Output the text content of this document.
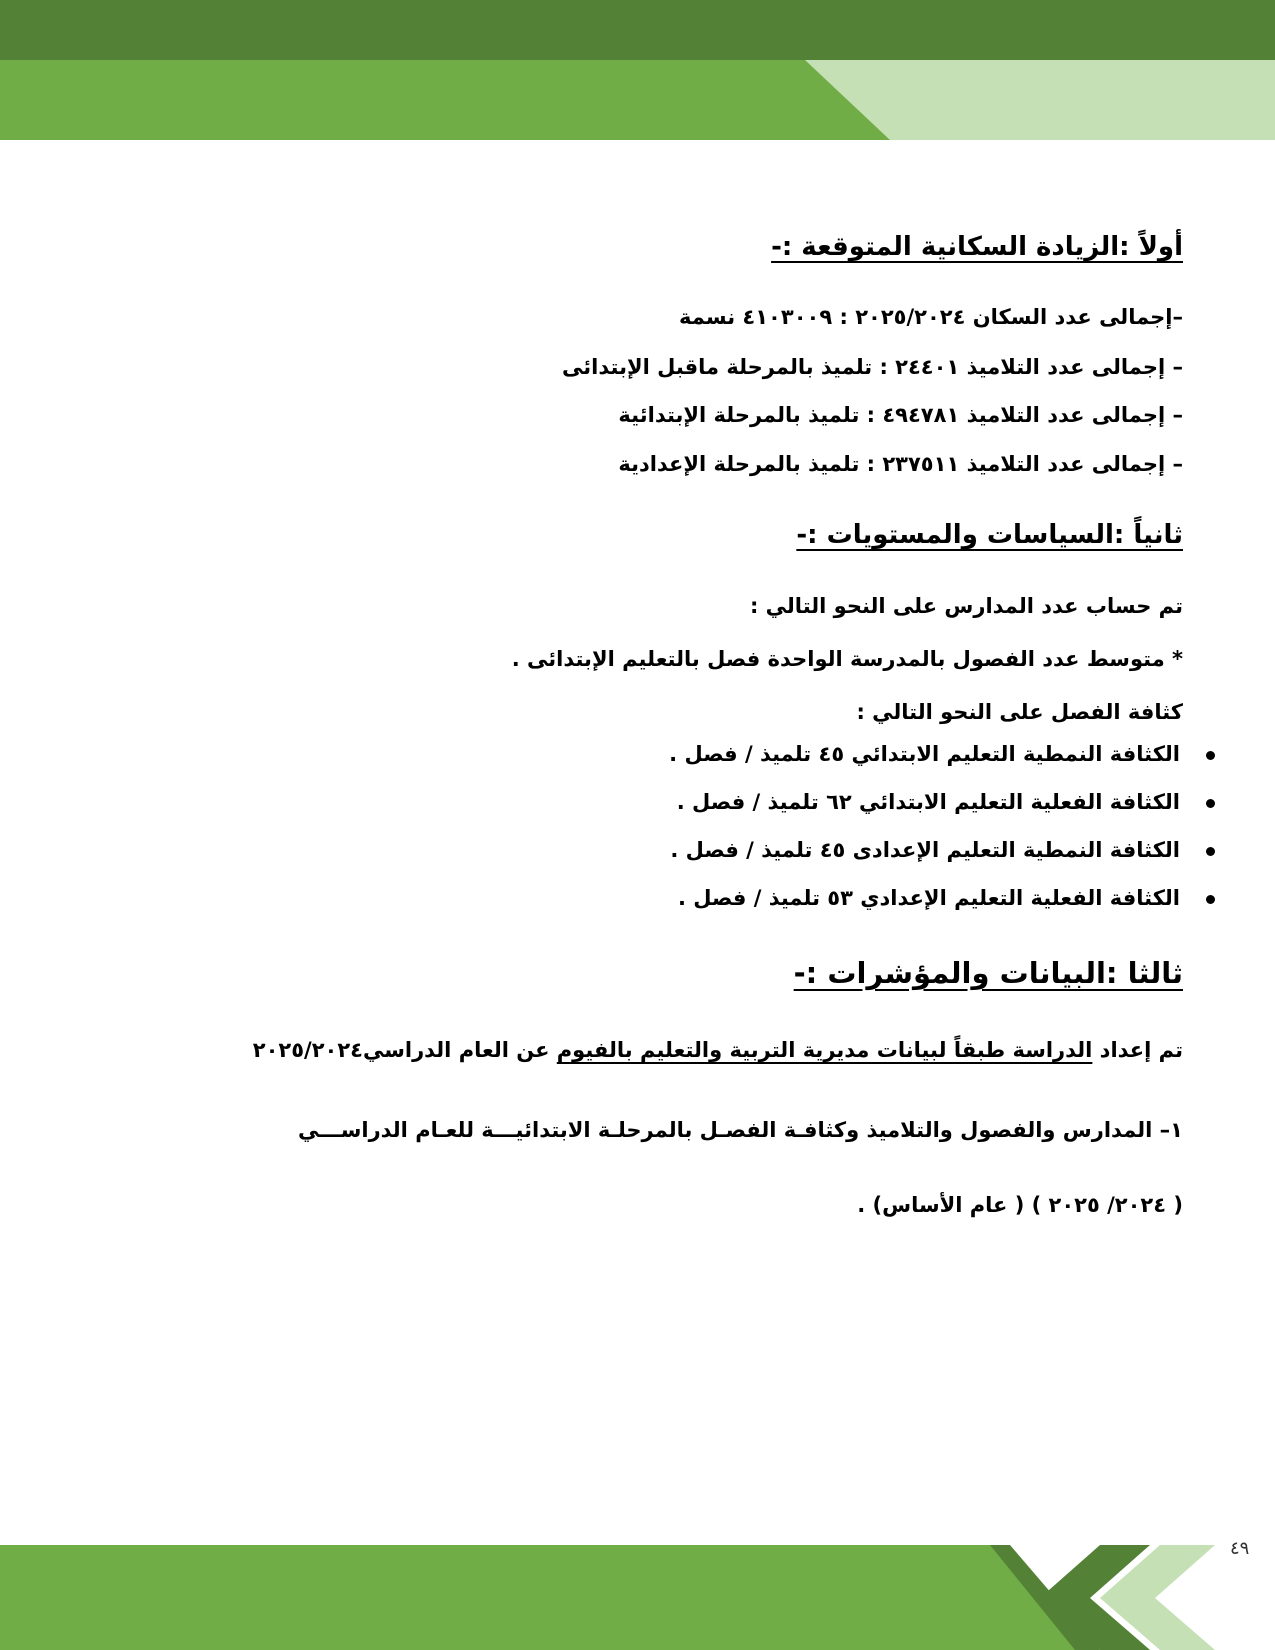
٤٩
أولاً :الزيادة السكانية المتوقعة :-
–إجمالى عدد السكان ٢٠٢٥/٢٠٢٤ : ٤١٠٣٠٠٩ نسمة
– إجمالى عدد التلاميذ ٢٤٤٠١ : تلميذ بالمرحلة ماقبل الإبتدائى
– إجمالى عدد التلاميذ ٤٩٤٧٨١ : تلميذ بالمرحلة الإبتدائية
– إجمالى عدد التلاميذ ٢٣٧٥١١ : تلميذ بالمرحلة الإعدادية
ثانياً :السياسات والمستويات :-
تم حساب عدد المدارس على النحو التالي :
* متوسط عدد الفصول بالمدرسة الواحدة فصل بالتعليم الإبتدائى .
كثافة الفصل على النحو التالي :
الكثافة النمطية التعليم الابتدائي ٤٥ تلميذ / فصل .
الكثافة الفعلية التعليم الابتدائي ٦٢ تلميذ / فصل .
الكثافة النمطية التعليم الإعدادى ٤٥ تلميذ / فصل .
الكثافة الفعلية التعليم الإعدادي ٥٣ تلميذ / فصل .
ثالثا :البيانات والمؤشرات :-
تم إعداد الدراسة طبقاً لبيانات مديرية التربية والتعليم بالفيوم عن العام الدراسي٢٠٢٥/٢٠٢٤
١– المدارس والفصول والتلاميذ وكثافـة الفصـل بالمرحلـة الابتدائيـــة للعـام الدراســـي
( ٢٠٢٤/ ٢٠٢٥ ) ( عام الأساس) .
